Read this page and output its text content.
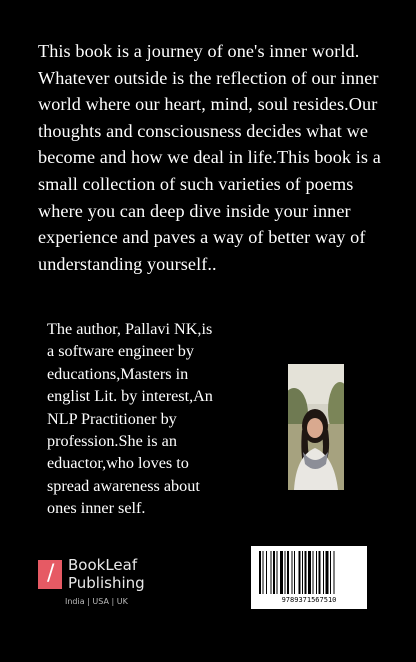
This book is a journey of one's inner world. Whatever outside is the reflection of our inner world where our heart, mind, soul resides.Our thoughts and consciousness decides what we become and how we deal in life.This book is a small collection of such varieties of poems where you can deep dive inside your inner experience and paves a way of better way of understanding yourself..

The author, Pallavi NK,is a software engineer by educations,Masters in englist Lit. by interest,An NLP Practitioner by profession.She is an eduactor,who loves to spread awareness about ones inner self.

9789371567510
/ BookLeaf
Publishing
India | USA | UK
